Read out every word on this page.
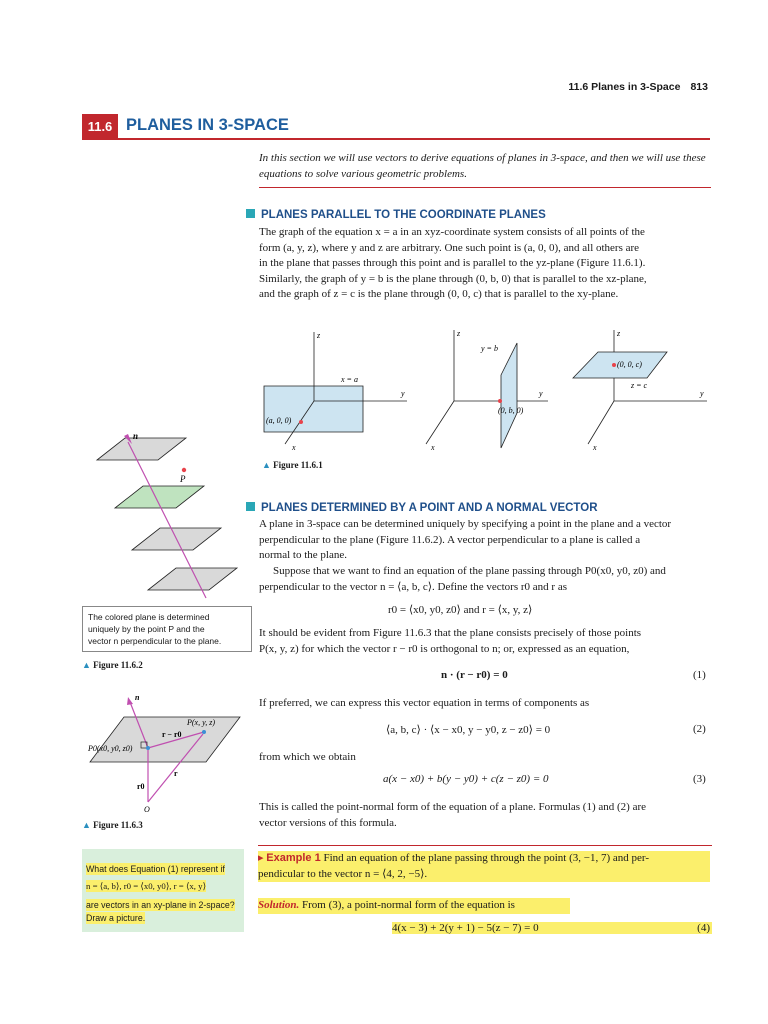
11.6 Planes in 3-Space 813
11.6 PLANES IN 3-SPACE
In this section we will use vectors to derive equations of planes in 3-space, and then we will use these equations to solve various geometric problems.
PLANES PARALLEL TO THE COORDINATE PLANES
The graph of the equation x = a in an xyz-coordinate system consists of all points of the
form (a, y, z), where y and z are arbitrary. One such point is (a, 0, 0), and all others are
in the plane that passes through this point and is parallel to the yz-plane (Figure 11.6.1).
Similarly, the graph of y = b is the plane through (0, b, 0) that is parallel to the xz-plane,
and the graph of z = c is the plane through (0, 0, c) that is parallel to the xy-plane.
z
y
x
x = a
(a, 0, 0)
z
y
x
y = b
(0, b, 0)
z
y
x
(0, 0, c)
z = c
▲ Figure 11.6.1
n
P
The colored plane is determined
uniquely by the point P and the
vector n perpendicular to the plane.
▲ Figure 11.6.2
n
P(x, y, z)
P0(x0, y0, z0)
r − r0
r
r0
O
▲ Figure 11.6.3
PLANES DETERMINED BY A POINT AND A NORMAL VECTOR
A plane in 3-space can be determined uniquely by specifying a point in the plane and a vector
perpendicular to the plane (Figure 11.6.2). A vector perpendicular to a plane is called a
normal to the plane.
Suppose that we want to find an equation of the plane passing through P0(x0, y0, z0) and
perpendicular to the vector n = ⟨a, b, c⟩. Define the vectors r0 and r as
r0 = ⟨x0, y0, z0⟩ and r = ⟨x, y, z⟩
It should be evident from Figure 11.6.3 that the plane consists precisely of those points
P(x, y, z) for which the vector r − r0 is orthogonal to n; or, expressed as an equation,
n · (r − r0) = 0	(1)
If preferred, we can express this vector equation in terms of components as
⟨a, b, c⟩ · ⟨x − x0, y − y0, z − z0⟩ = 0	(2)
from which we obtain
a(x − x0) + b(y − y0) + c(z − z0) = 0	(3)
This is called the point-normal form of the equation of a plane. Formulas (1) and (2) are
vector versions of this formula.
▸ Example 1 Find an equation of the plane passing through the point (3, −1, 7) and per-
pendicular to the vector n = ⟨4, 2, −5⟩.
Solution. From (3), a point-normal form of the equation is
4(x − 3) + 2(y + 1) − 5(z − 7) = 0	(4)
What does Equation (1) represent if
n = ⟨a, b⟩, r0 = ⟨x0, y0⟩, r = ⟨x, y⟩
are vectors in an xy-plane in 2-space?
Draw a picture.
